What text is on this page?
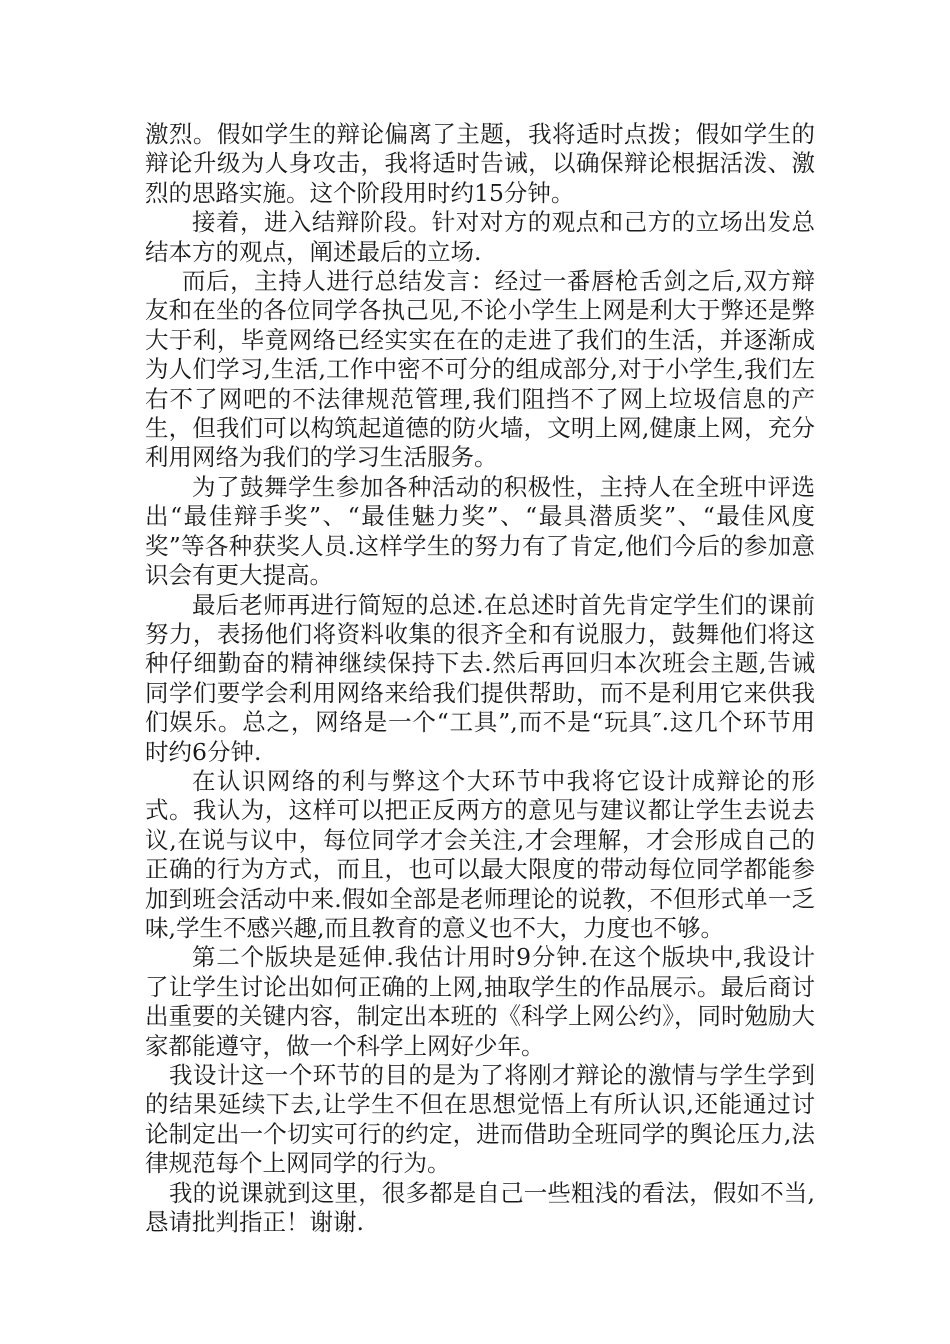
激烈。假如学生的辩论偏离了主题，我将适时点拨；假如学生的辩论升级为人身攻击，我将适时告诫，以确保辩论根据活泼、激烈的思路实施。这个阶段用时约15分钟。

接着，进入结辩阶段。针对对方的观点和己方的立场出发总结本方的观点，阐述最后的立场.

而后，主持人进行总结发言：经过一番唇枪舌剑之后,双方辩友和在坐的各位同学各执己见,不论小学生上网是利大于弊还是弊大于利，毕竟网络已经实实在在的走进了我们的生活，并逐渐成为人们学习,生活,工作中密不可分的组成部分,对于小学生,我们左右不了网吧的不法律规范管理,我们阻挡不了网上垃圾信息的产生，但我们可以构筑起道德的防火墙，文明上网,健康上网，充分利用网络为我们的学习生活服务。

为了鼓舞学生参加各种活动的积极性，主持人在全班中评选出“最佳辩手奖”、“最佳魅力奖”、“最具潜质奖”、“最佳风度奖”等各种获奖人员.这样学生的努力有了肯定,他们今后的参加意识会有更大提高。

最后老师再进行简短的总述.在总述时首先肯定学生们的课前努力，表扬他们将资料收集的很齐全和有说服力，鼓舞他们将这种仔细勤奋的精神继续保持下去.然后再回归本次班会主题,告诫同学们要学会利用网络来给我们提供帮助，而不是利用它来供我们娱乐。总之，网络是一个“工具”,而不是“玩具″.这几个环节用时约6分钟.

在认识网络的利与弊这个大环节中我将它设计成辩论的形式。我认为，这样可以把正反两方的意见与建议都让学生去说去议,在说与议中，每位同学才会关注,才会理解，才会形成自己的正确的行为方式，而且，也可以最大限度的带动每位同学都能参加到班会活动中来.假如全部是老师理论的说教，不但形式单一乏味,学生不感兴趣,而且教育的意义也不大，力度也不够。

第二个版块是延伸.我估计用时9分钟.在这个版块中,我设计了让学生讨论出如何正确的上网,抽取学生的作品展示。最后商讨出重要的关键内容，制定出本班的《科学上网公约》，同时勉励大家都能遵守，做一个科学上网好少年。

我设计这一个环节的目的是为了将刚才辩论的激情与学生学到的结果延续下去,让学生不但在思想觉悟上有所认识,还能通过讨论制定出一个切实可行的约定，进而借助全班同学的舆论压力,法律规范每个上网同学的行为。

我的说课就到这里，很多都是自己一些粗浅的看法，假如不当,恳请批判指正！谢谢.
